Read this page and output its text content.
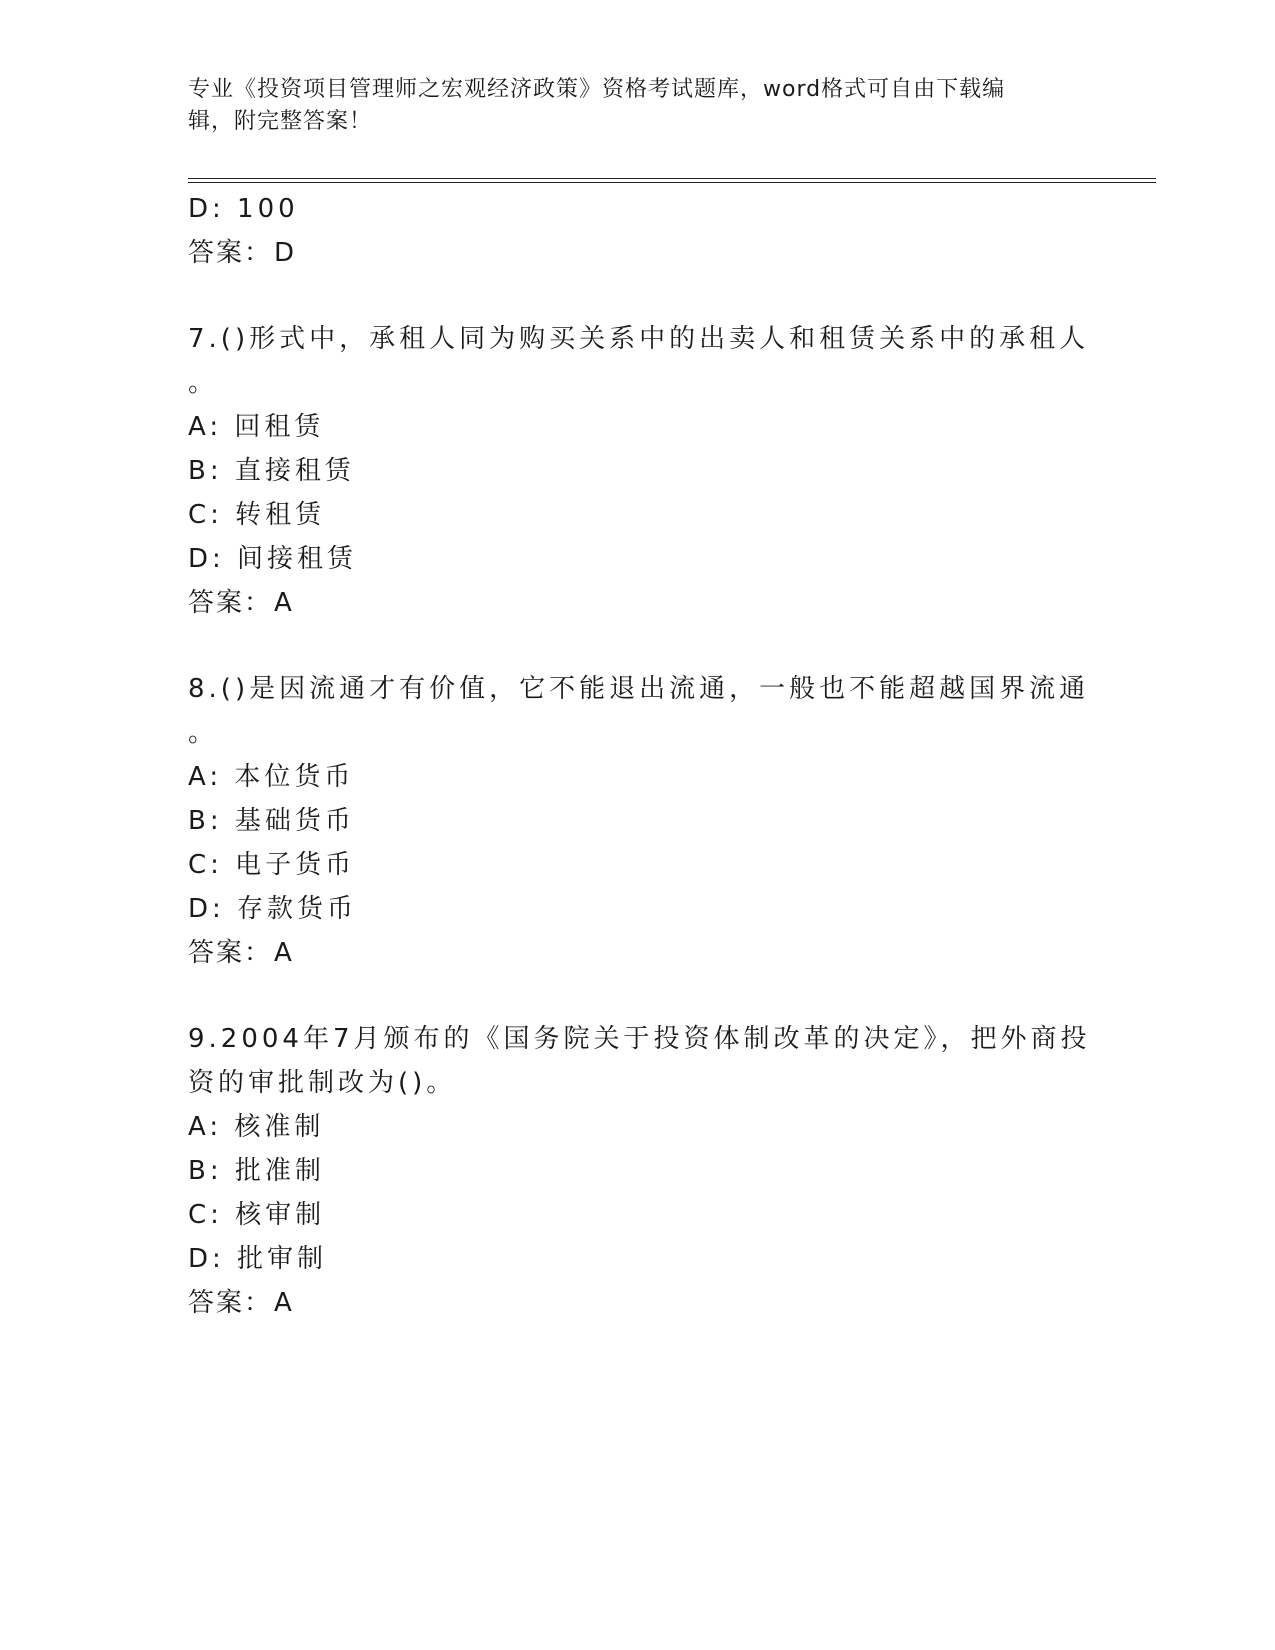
专业《投资项目管理师之宏观经济政策》资格考试题库，word格式可自由下载编
辑，附完整答案！
D: 100
答案：D
7.()形式中，承租人同为购买关系中的出卖人和租赁关系中的承租人
。
A: 回租赁
B: 直接租赁
C: 转租赁
D: 间接租赁
答案：A
8.()是因流通才有价值，它不能退出流通，一般也不能超越国界流通
。
A: 本位货币
B: 基础货币
C: 电子货币
D: 存款货币
答案：A
9.2004年7月颁布的《国务院关于投资体制改革的决定》，把外商投
资的审批制改为()。
A: 核准制
B: 批准制
C: 核审制
D: 批审制
答案：A
